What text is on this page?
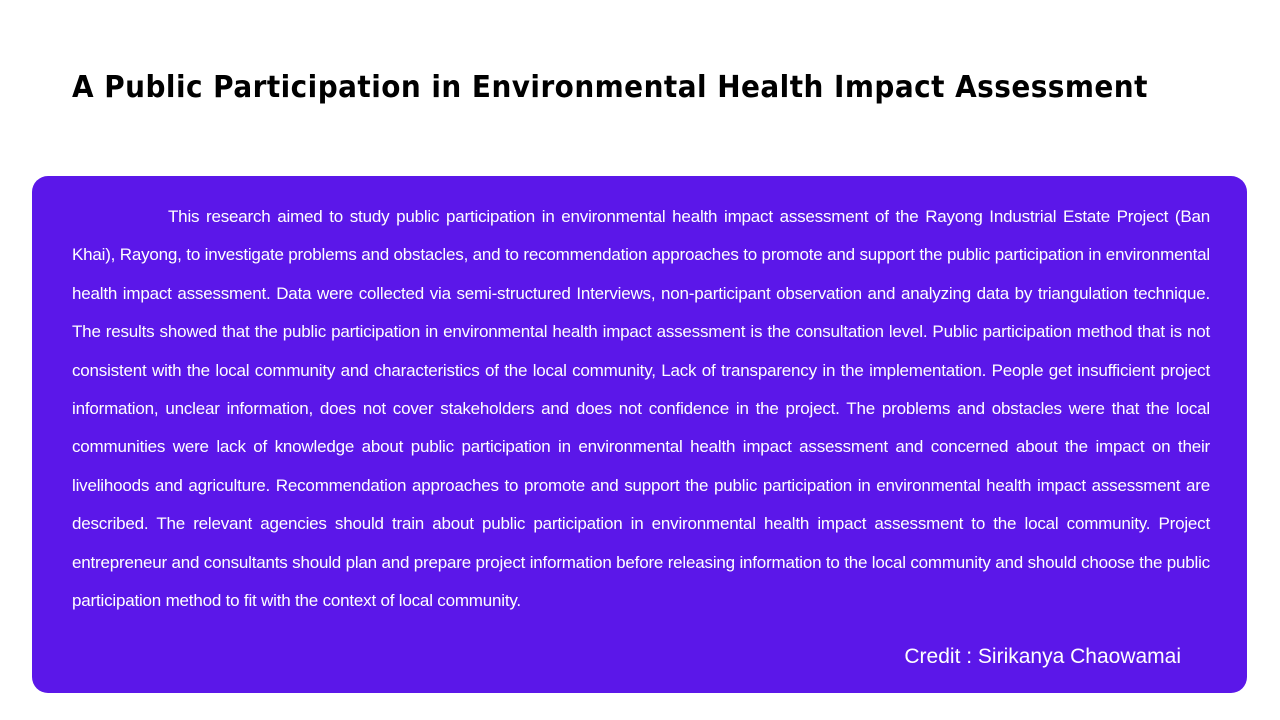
A Public Participation in Environmental Health Impact Assessment

This research aimed to study public participation in environmental health impact assessment of the Rayong Industrial Estate Project (Ban Khai), Rayong, to investigate problems and obstacles, and to recommendation approaches to promote and support the public participation in environmental health impact assessment. Data were collected via semi-structured Interviews, non-participant observation and analyzing data by triangulation technique. The results showed that the public participation in environmental health impact assessment is the consultation level. Public participation method that is not consistent with the local community and characteristics of the local community, Lack of transparency in the implementation. People get insufficient project information, unclear information, does not cover stakeholders and does not confidence in the project. The problems and obstacles were that the local communities were lack of knowledge about public participation in environmental health impact assessment and concerned about the impact on their livelihoods and agriculture. Recommendation approaches to promote and support the public participation in environmental health impact assessment are described. The relevant agencies should train about public participation in environmental health impact assessment to the local community. Project entrepreneur and consultants should plan and prepare project information before releasing information to the local community and should choose the public participation method to fit with the context of local community.

Credit : Sirikanya Chaowamai
